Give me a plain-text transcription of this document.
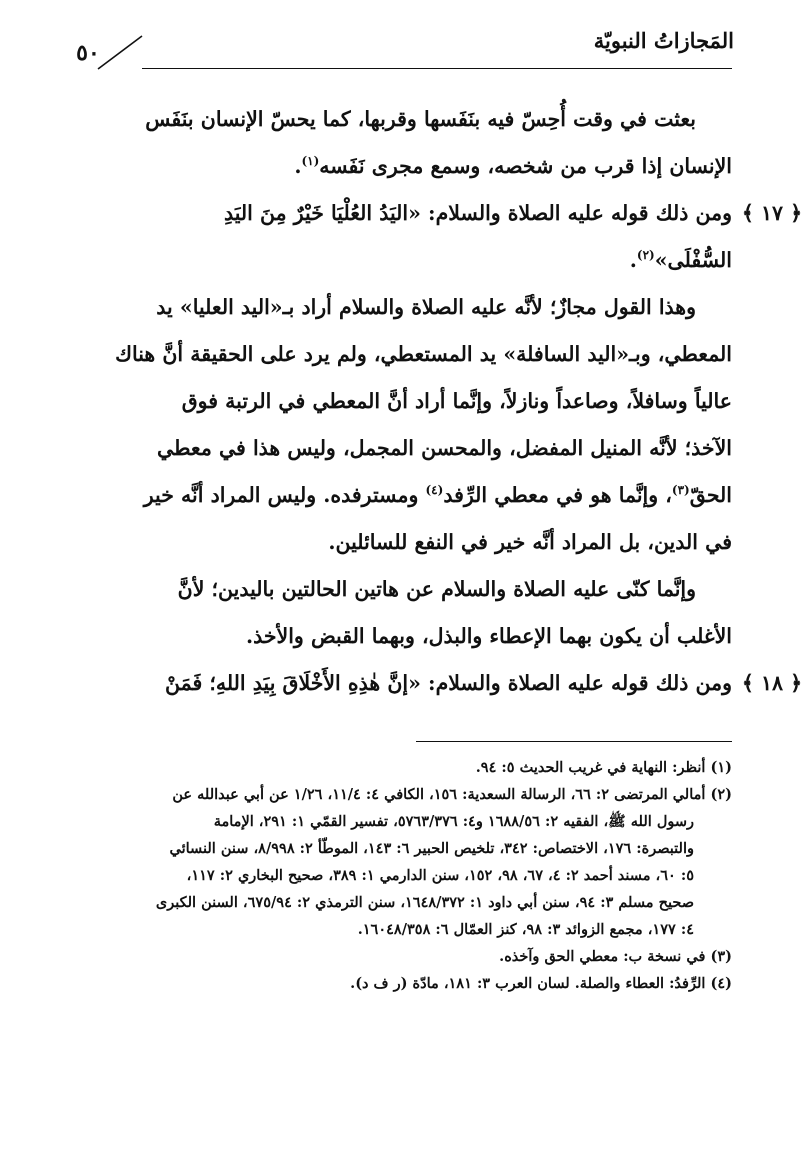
المَجازاتُ النبويّة
٥٠
بعثت في وقت أُحِسّ فيه بنَفَسها وقربها، كما يحسّ الإنسان بنَفَس
الإنسان إذا قرب من شخصه، وسمع مجرى نَفَسه$^{(١)}$.
ومن ذلك قوله عليه الصلاة والسلام: «اليَدُ العُلْيَا خَيْرٌ مِنَ اليَدِ	﴿ ١٧ ﴾
السُّفْلَى»$^{(٢)}$.
وهذا القول مجازٌ؛ لأنَّه عليه الصلاة والسلام أراد بـ«اليد العليا» يد
المعطي، وبـ«اليد السافلة» يد المستعطي، ولم يرد على الحقيقة أنَّ هناك
عالياً وسافلاً، وصاعداً ونازلاً، وإنَّما أراد أنَّ المعطي في الرتبة فوق
الآخذ؛ لأنَّه المنيل المفضل، والمحسن المجمل، وليس هذا في معطي
الحقّ$^{(٣)}$، وإنَّما هو في معطي الرِّفد$^{(٤)}$ ومسترفده. وليس المراد أنَّه خير
في الدين، بل المراد أنَّه خير في النفع للسائلين.
وإنَّما كنّى عليه الصلاة والسلام عن هاتين الحالتين باليدين؛ لأنَّ
الأغلب أن يكون بهما الإعطاء والبذل، وبهما القبض والأخذ.
ومن ذلك قوله عليه الصلاة والسلام: «إنَّ هٰذِهِ الأَخْلَاقَ بِيَدِ اللهِ؛ فَمَنْ	﴿ ١٨ ﴾
(١) أنظر: النهاية في غريب الحديث ٥: ٩٤.
(٢) أمالي المرتضى ٢: ٦٦، الرسالة السعدية: ١٥٦، الكافي ٤: ١١/٤، ١/٢٦ عن أبي عبدالله عن
رسول الله ﷺ، الفقيه ٢: ١٦٨٨/٥٦ و٤: ٥٧٦٣/٣٧٦، تفسير القمّي ١: ٢٩١، الإمامة
والتبصرة: ١٧٦، الاختصاص: ٣٤٢، تلخيص الحبير ٦: ١٤٣، الموطّأ ٢: ٨/٩٩٨، سنن النسائي
٥: ٦٠، مسند أحمد ٢: ٤، ٦٧، ٩٨، ١٥٢، سنن الدارمي ١: ٣٨٩، صحيح البخاري ٢: ١١٧،
صحيح مسلم ٣: ٩٤، سنن أبي داود ١: ١٦٤٨/٣٧٢، سنن الترمذي ٢: ٦٧٥/٩٤، السنن الكبرى
٤: ١٧٧، مجمع الزوائد ٣: ٩٨، كنز العمّال ٦: ١٦٠٤٨/٣٥٨.
(٣) في نسخة ب: معطي الحق وآخذه.
(٤) الرِّفدُ: العطاء والصلة. لسان العرب ٣: ١٨١، مادّة (ر ف د).
